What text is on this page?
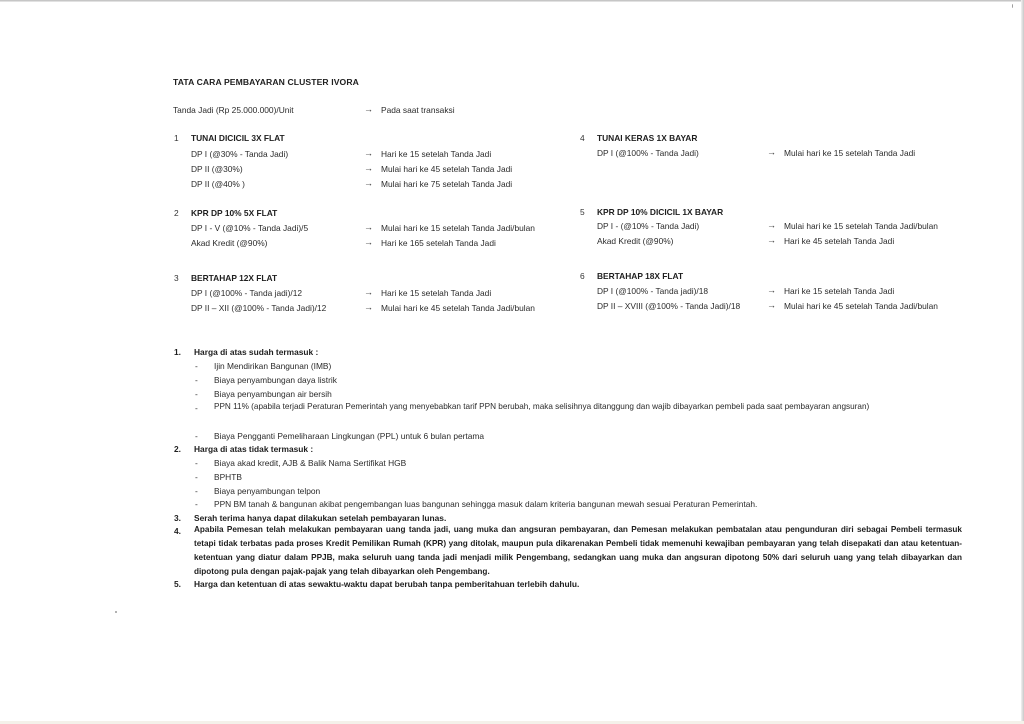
TATA CARA PEMBAYARAN CLUSTER IVORA
Tanda Jadi (Rp 25.000.000)/Unit	→ Pada saat transaksi
1 TUNAI DICICIL 3X FLAT
DP I (@30% - Tanda Jadi)	→ Hari ke 15 setelah Tanda Jadi
DP II (@30%)	→ Mulai hari ke 45 setelah Tanda Jadi
DP II (@40% )	→ Mulai hari ke 75 setelah Tanda Jadi
2 KPR DP 10% 5X FLAT
DP I - V (@10% - Tanda Jadi)/5	→ Mulai hari ke 15 setelah Tanda Jadi/bulan
Akad Kredit (@90%)	→ Hari ke 165 setelah Tanda Jadi
3 BERTAHAP 12X FLAT
DP I (@100% - Tanda jadi)/12	→ Hari ke 15 setelah Tanda Jadi
DP II – XII (@100% - Tanda Jadi)/12	→ Mulai hari ke 45 setelah Tanda Jadi/bulan
4 TUNAI KERAS 1X BAYAR
DP I (@100% - Tanda Jadi)	→ Mulai hari ke 15 setelah Tanda Jadi
5 KPR DP 10% DICICIL 1X BAYAR
DP I - (@10% - Tanda Jadi)	→ Mulai hari ke 15 setelah Tanda Jadi/bulan
Akad Kredit (@90%)	→ Hari ke 45 setelah Tanda Jadi
6 BERTAHAP 18X FLAT
DP I (@100% - Tanda jadi)/18	→ Hari ke 15 setelah Tanda Jadi
DP II – XVIII (@100% - Tanda Jadi)/18	→ Mulai hari ke 45 setelah Tanda Jadi/bulan
1. Harga di atas sudah termasuk :
- Ijin Mendirikan Bangunan (IMB)
- Biaya penyambungan daya listrik
- Biaya penyambungan air bersih
- PPN 11% (apabila terjadi Peraturan Pemerintah yang menyebabkan tarif PPN berubah, maka selisihnya ditanggung dan wajib dibayarkan pembeli pada saat pembayaran angsuran)
- Biaya Pengganti Pemeliharaan Lingkungan (PPL) untuk 6 bulan pertama
2. Harga di atas tidak termasuk :
- Biaya akad kredit, AJB & Balik Nama Sertifikat HGB
- BPHTB
- Biaya penyambungan telpon
- PPN BM tanah & bangunan akibat pengembangan luas bangunan sehingga masuk dalam kriteria bangunan mewah sesuai Peraturan Pemerintah.
3. Serah terima hanya dapat dilakukan setelah pembayaran lunas.
4. Apabila Pemesan telah melakukan pembayaran uang tanda jadi, uang muka dan angsuran pembayaran, dan Pemesan melakukan pembatalan atau pengunduran diri sebagai Pembeli termasuk tetapi tidak terbatas pada proses Kredit Pemilikan Rumah (KPR) yang ditolak, maupun pula dikarenakan Pembeli tidak memenuhi kewajiban pembayaran yang telah disepakati dan atau ketentuan-ketentuan yang diatur dalam PPJB, maka seluruh uang tanda jadi menjadi milik Pengembang, sedangkan uang muka dan angsuran dipotong 50% dari seluruh uang yang telah dibayarkan dan dipotong pula dengan pajak-pajak yang telah dibayarkan oleh Pengembang.
5. Harga dan ketentuan di atas sewaktu-waktu dapat berubah tanpa pemberitahuan terlebih dahulu.
